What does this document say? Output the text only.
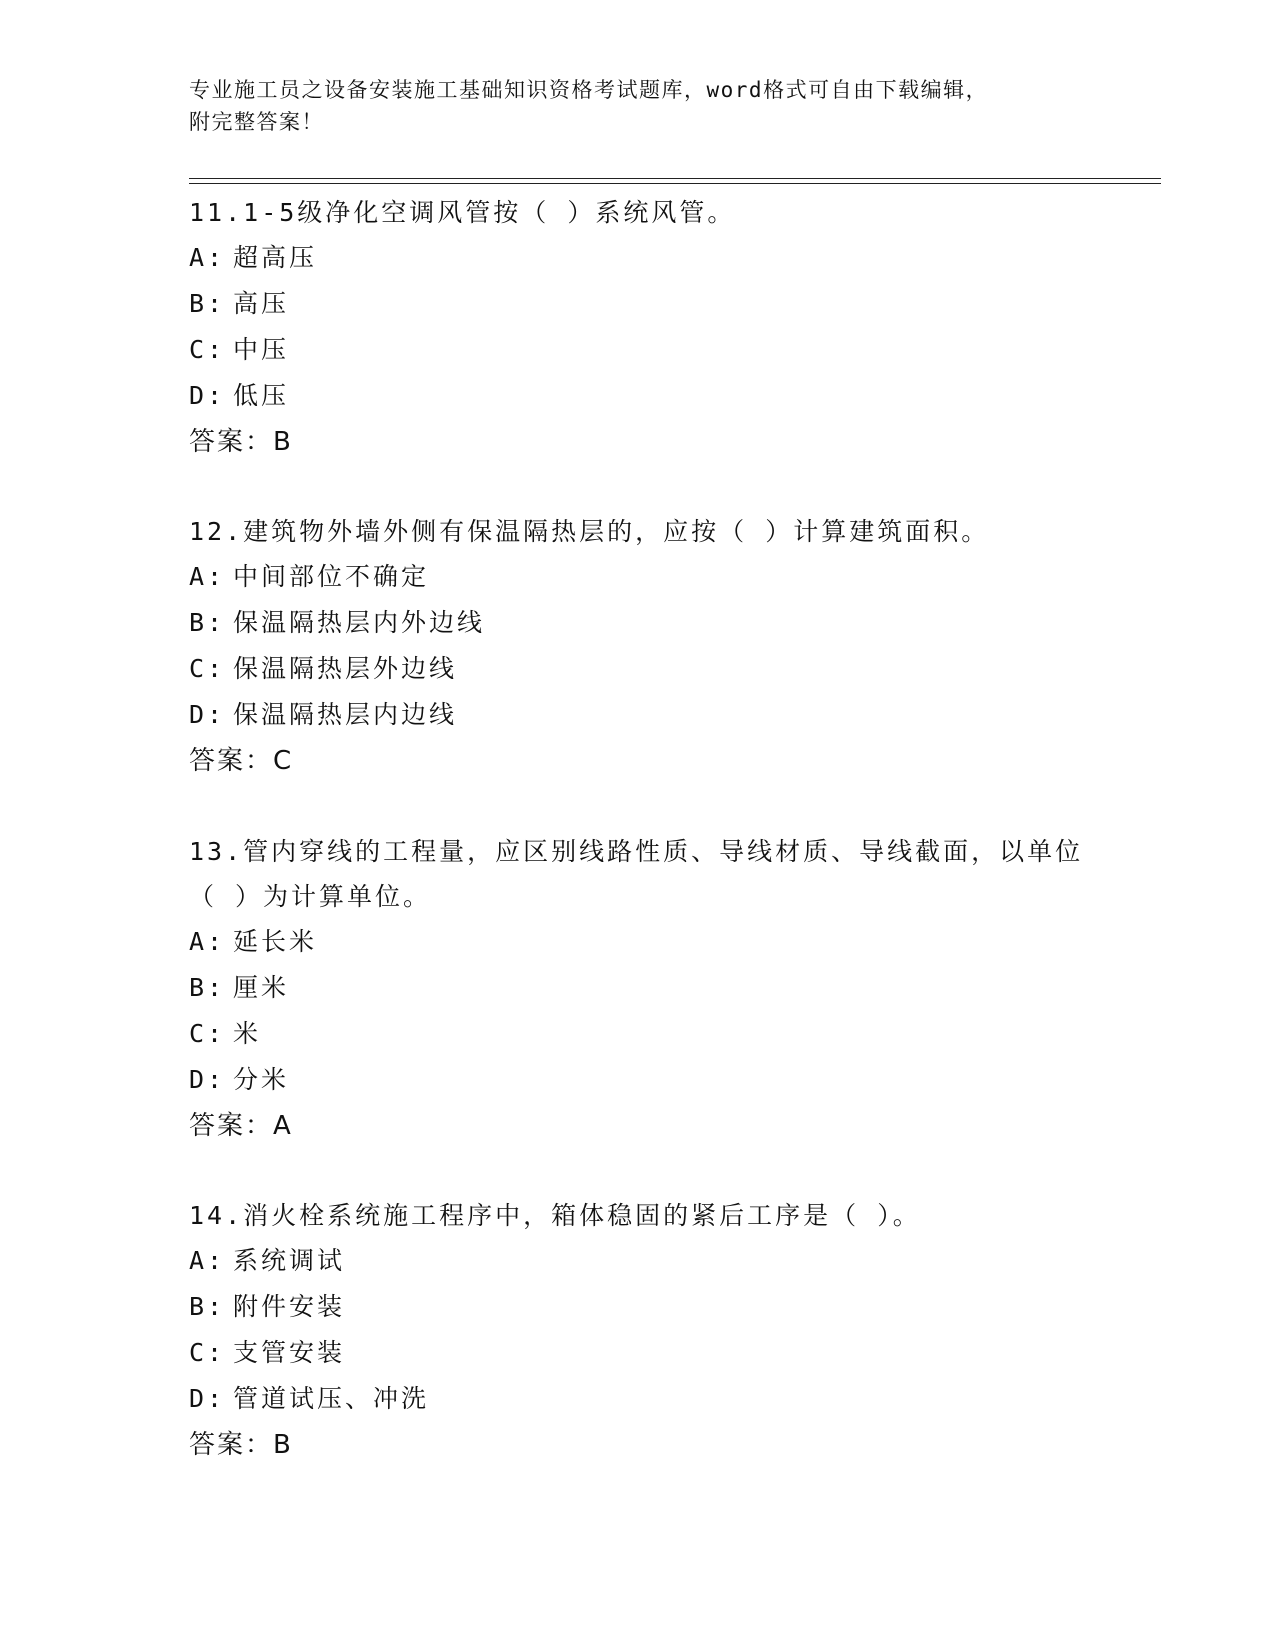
专业施工员之设备安装施工基础知识资格考试题库，word格式可自由下载编辑，
附完整答案！

11.1-5级净化空调风管按（ ）系统风管。

A: 超高压

B: 高压

C: 中压

D: 低压

答案：B

12.建筑物外墙外侧有保温隔热层的，应按（ ）计算建筑面积。

A: 中间部位不确定

B: 保温隔热层内外边线

C: 保温隔热层外边线

D: 保温隔热层内边线

答案：C

13.管内穿线的工程量，应区别线路性质、导线材质、导线截面，以单位（ ）为计算单位。

A: 延长米

B: 厘米

C: 米

D: 分米

答案：A

14.消火栓系统施工程序中，箱体稳固的紧后工序是（ ）。

A: 系统调试

B: 附件安装

C: 支管安装

D: 管道试压、冲洗

答案：B
